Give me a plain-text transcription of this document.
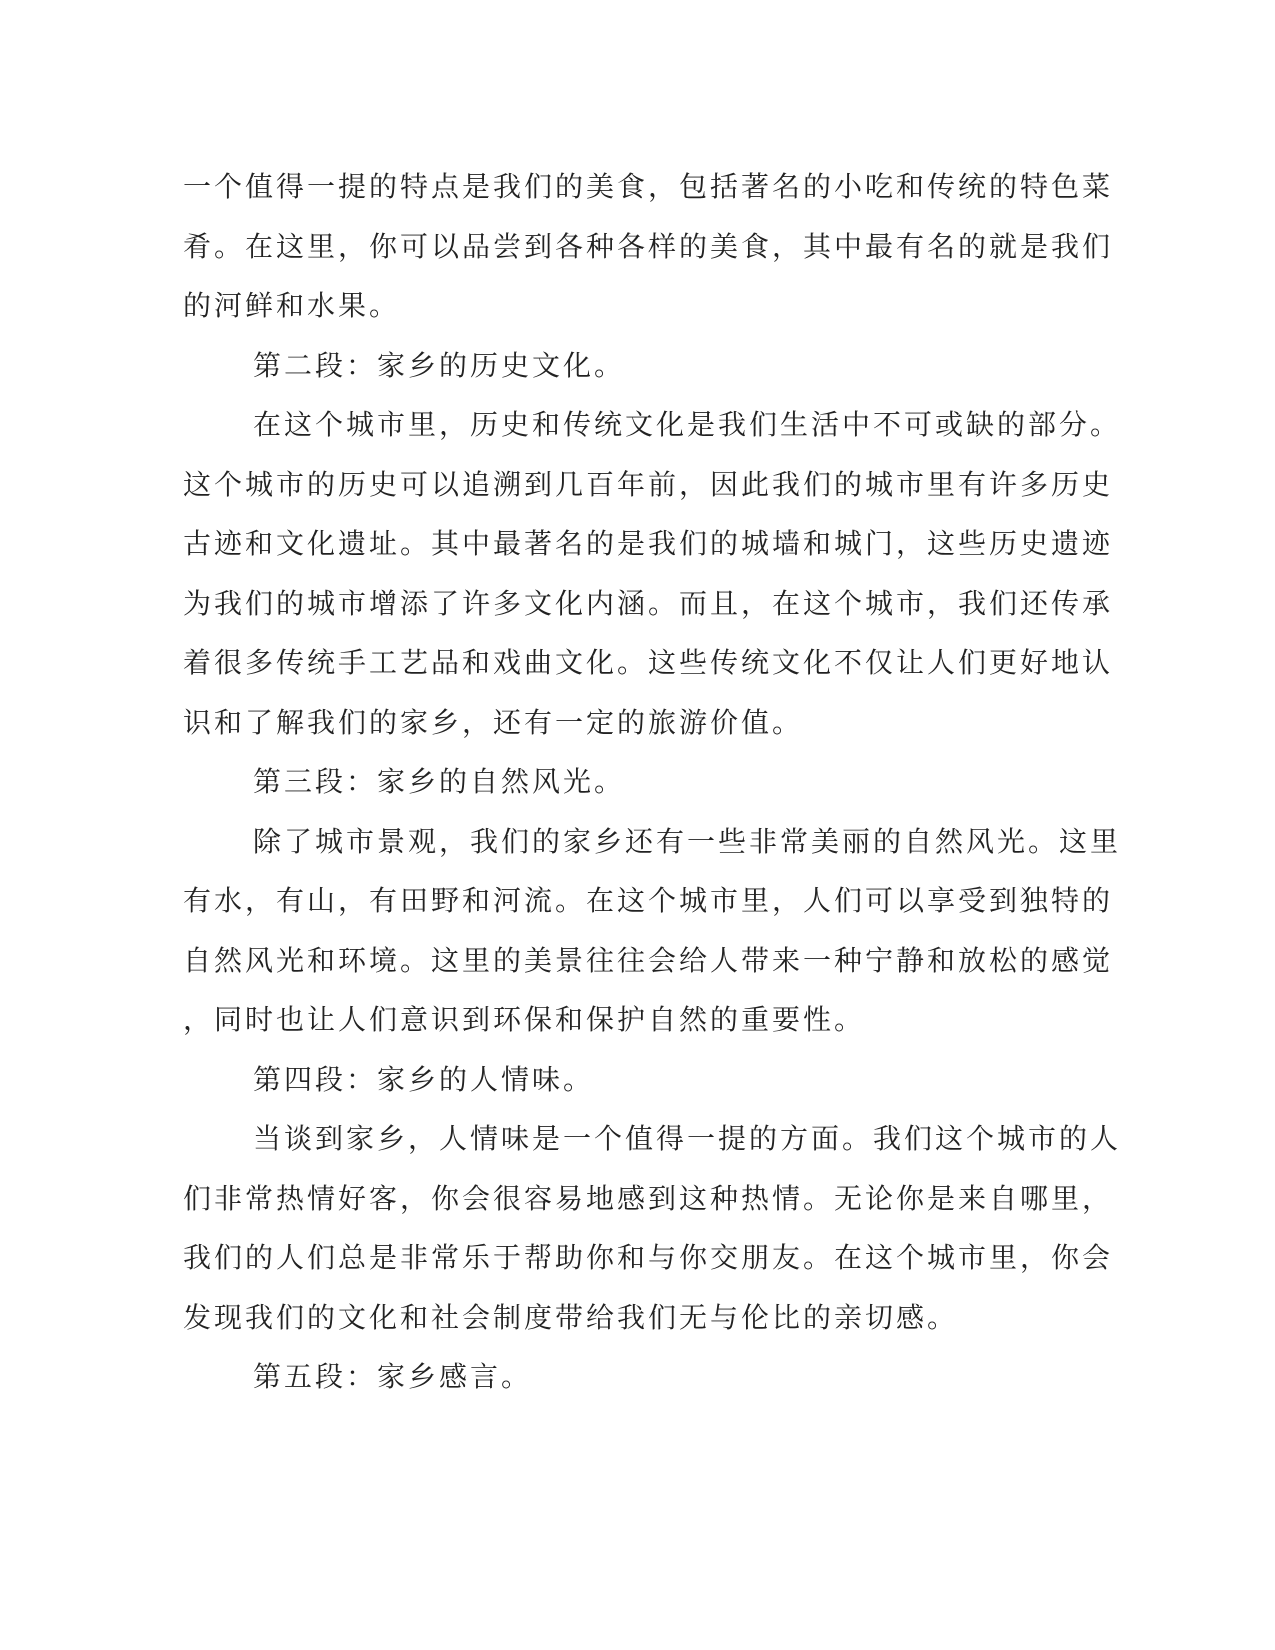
一个值得一提的特点是我们的美食，包括著名的小吃和传统的特色菜
肴。在这里，你可以品尝到各种各样的美食，其中最有名的就是我们
的河鲜和水果。
第二段：家乡的历史文化。
在这个城市里，历史和传统文化是我们生活中不可或缺的部分。
这个城市的历史可以追溯到几百年前，因此我们的城市里有许多历史
古迹和文化遗址。其中最著名的是我们的城墙和城门，这些历史遗迹
为我们的城市增添了许多文化内涵。而且，在这个城市，我们还传承
着很多传统手工艺品和戏曲文化。这些传统文化不仅让人们更好地认
识和了解我们的家乡，还有一定的旅游价值。
第三段：家乡的自然风光。
除了城市景观，我们的家乡还有一些非常美丽的自然风光。这里
有水，有山，有田野和河流。在这个城市里，人们可以享受到独特的
自然风光和环境。这里的美景往往会给人带来一种宁静和放松的感觉
，同时也让人们意识到环保和保护自然的重要性。
第四段：家乡的人情味。
当谈到家乡，人情味是一个值得一提的方面。我们这个城市的人
们非常热情好客，你会很容易地感到这种热情。无论你是来自哪里，
我们的人们总是非常乐于帮助你和与你交朋友。在这个城市里，你会
发现我们的文化和社会制度带给我们无与伦比的亲切感。
第五段：家乡感言。
